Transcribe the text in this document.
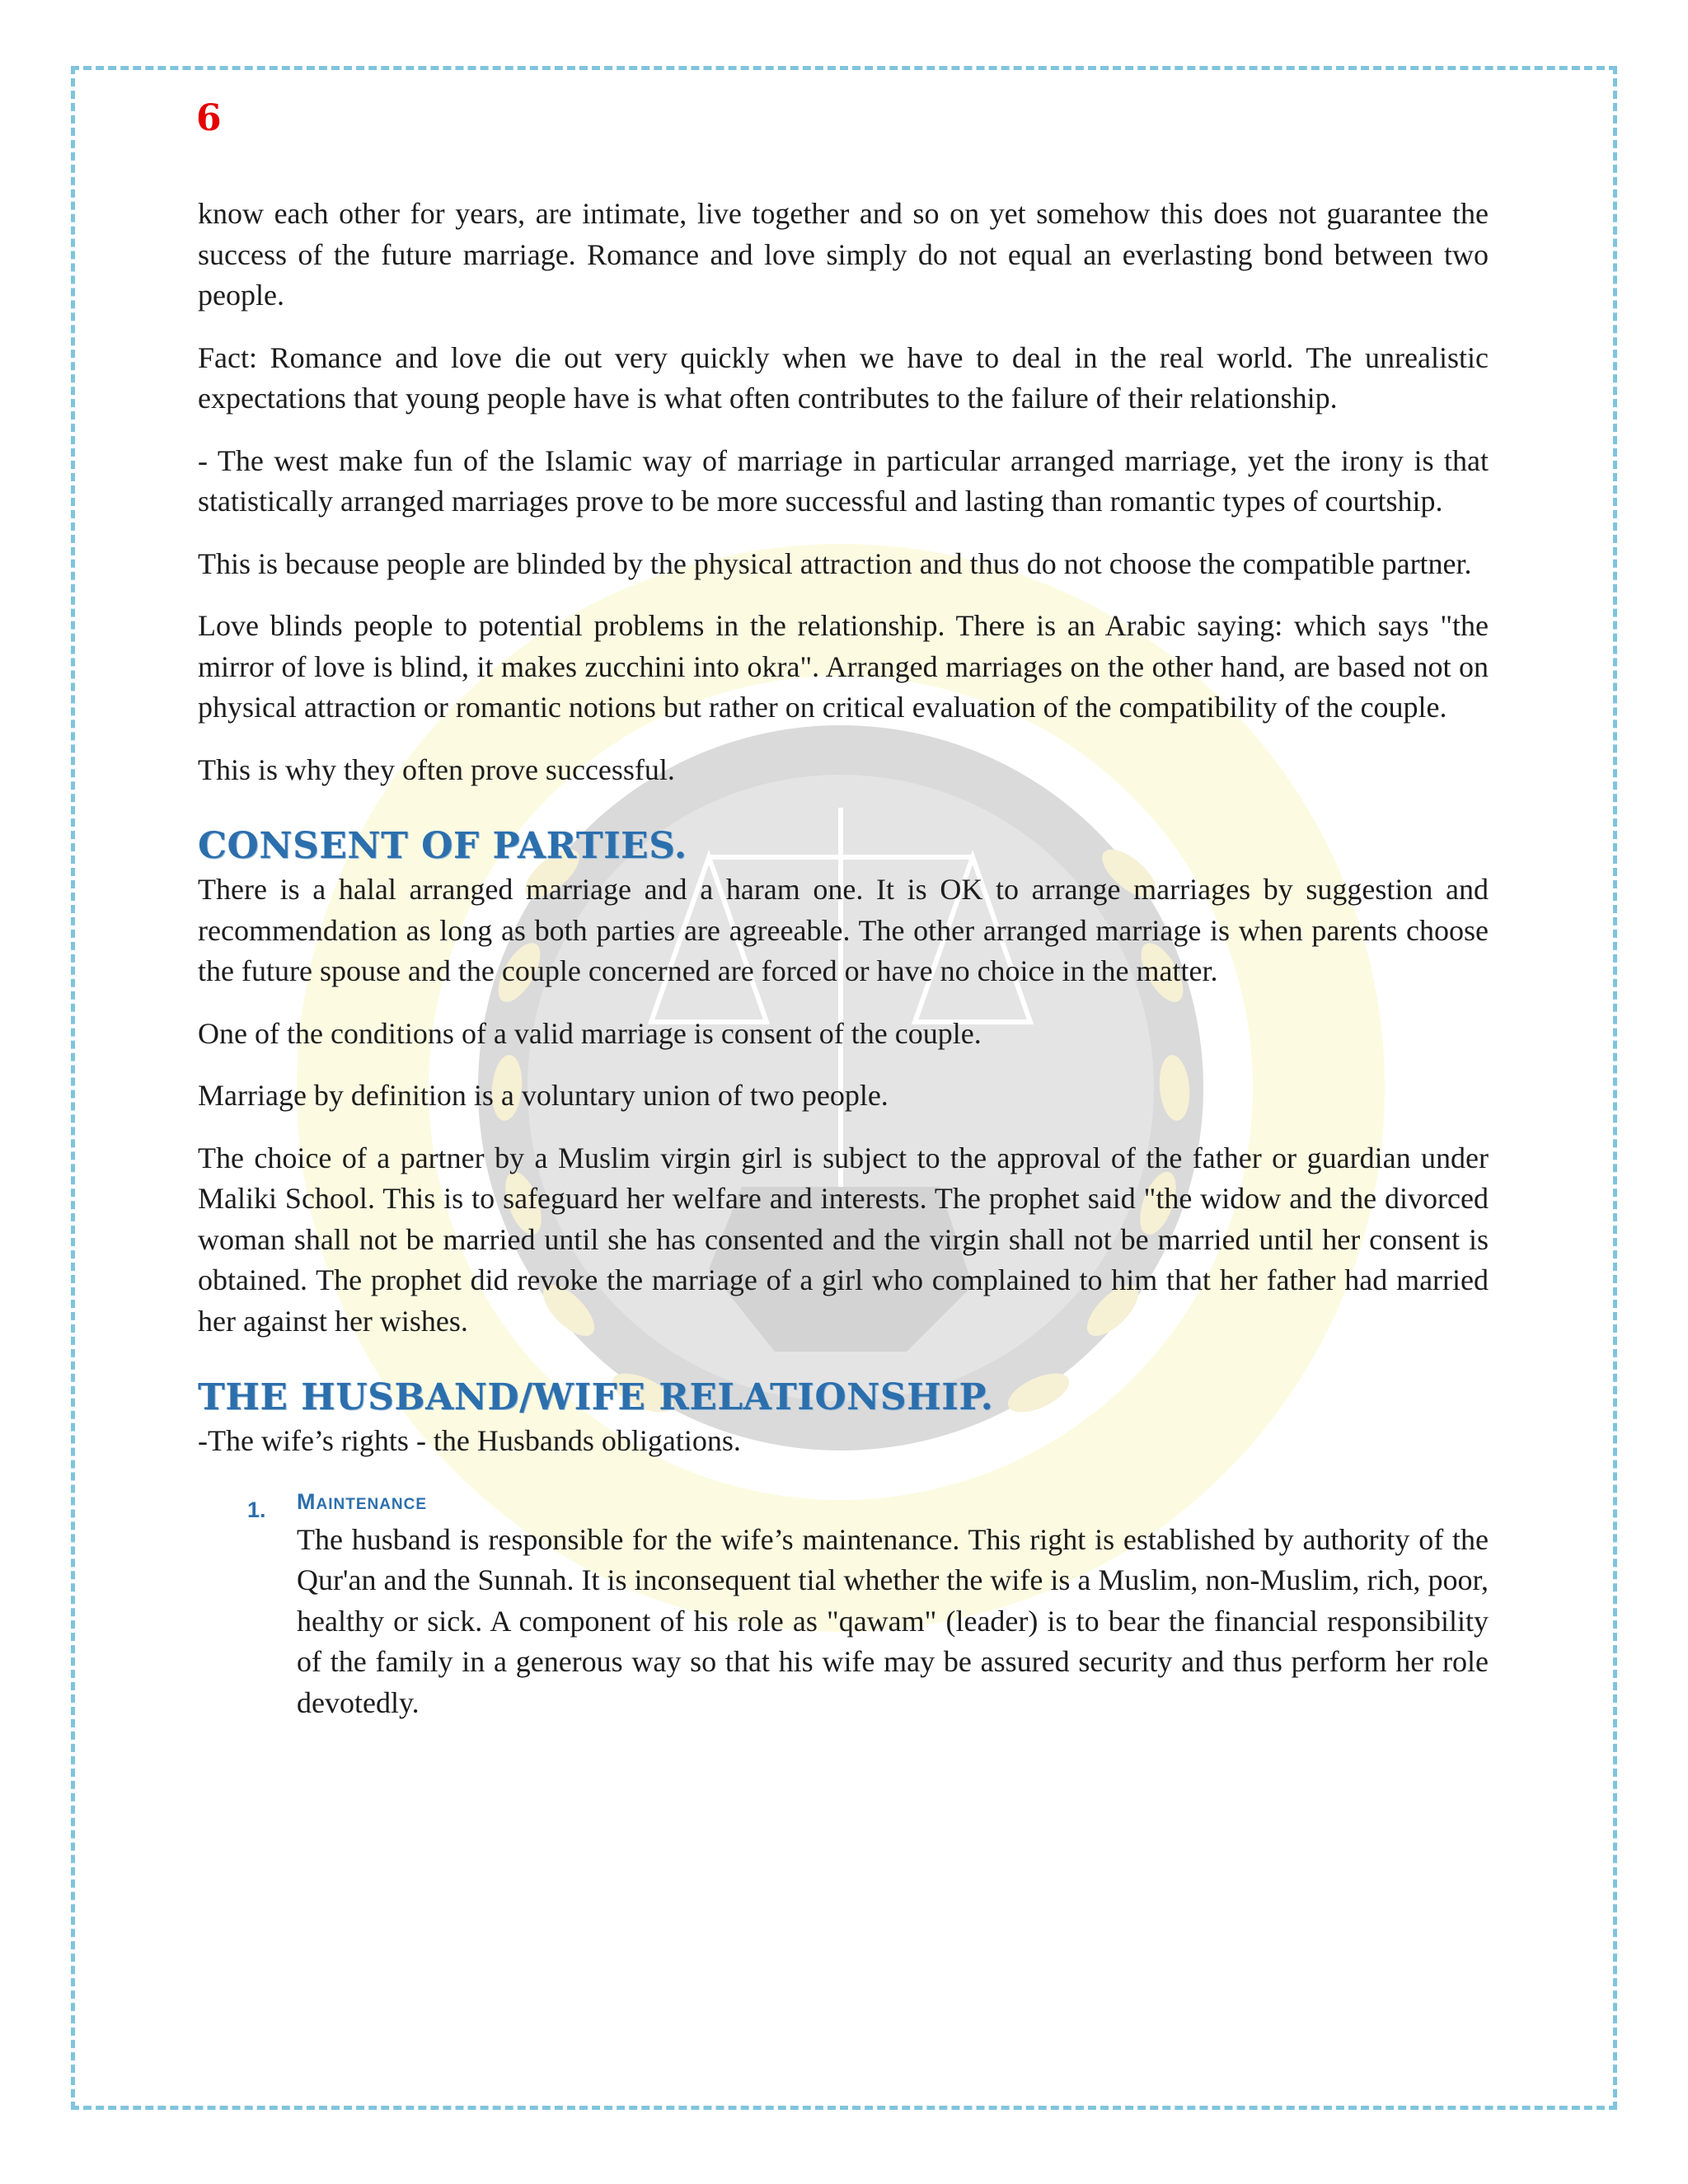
6

know each other for years, are intimate, live together and so on yet somehow this does not guarantee the success of the future marriage. Romance and love simply do not equal an everlasting bond between two people.

Fact: Romance and love die out very quickly when we have to deal in the real world. The unrealistic expectations that young people have is what often contributes to the failure of their relationship.

- The west make fun of the Islamic way of marriage in particular arranged marriage, yet the irony is that statistically arranged marriages prove to be more successful and lasting than romantic types of courtship.

This is because people are blinded by the physical attraction and thus do not choose the compatible partner.

Love blinds people to potential problems in the relationship. There is an Arabic saying: which says "the mirror of love is blind, it makes zucchini into okra". Arranged marriages on the other hand, are based not on physical attraction or romantic notions but rather on critical evaluation of the compatibility of the couple.

This is why they often prove successful.

CONSENT OF PARTIES.

There is a halal arranged marriage and a haram one. It is OK to arrange marriages by suggestion and recommendation as long as both parties are agreeable. The other arranged marriage is when parents choose the future spouse and the couple concerned are forced or have no choice in the matter.

One of the conditions of a valid marriage is consent of the couple.

Marriage by definition is a voluntary union of two people.

The choice of a partner by a Muslim virgin girl is subject to the approval of the father or guardian under Maliki School. This is to safeguard her welfare and interests. The prophet said "the widow and the divorced woman shall not be married until she has consented and the virgin shall not be married until her consent is obtained. The prophet did revoke the marriage of a girl who complained to him that her father had married her against her wishes.

THE HUSBAND/WIFE RELATIONSHIP.

-The wife’s rights - the Husbands obligations.

1. Maintenance

The husband is responsible for the wife’s maintenance. This right is established by authority of the Qur'an and the Sunnah. It is inconsequent tial whether the wife is a Muslim, non-Muslim, rich, poor, healthy or sick. A component of his role as "qawam" (leader) is to bear the financial responsibility of the family in a generous way so that his wife may be assured security and thus perform her role devotedly.
